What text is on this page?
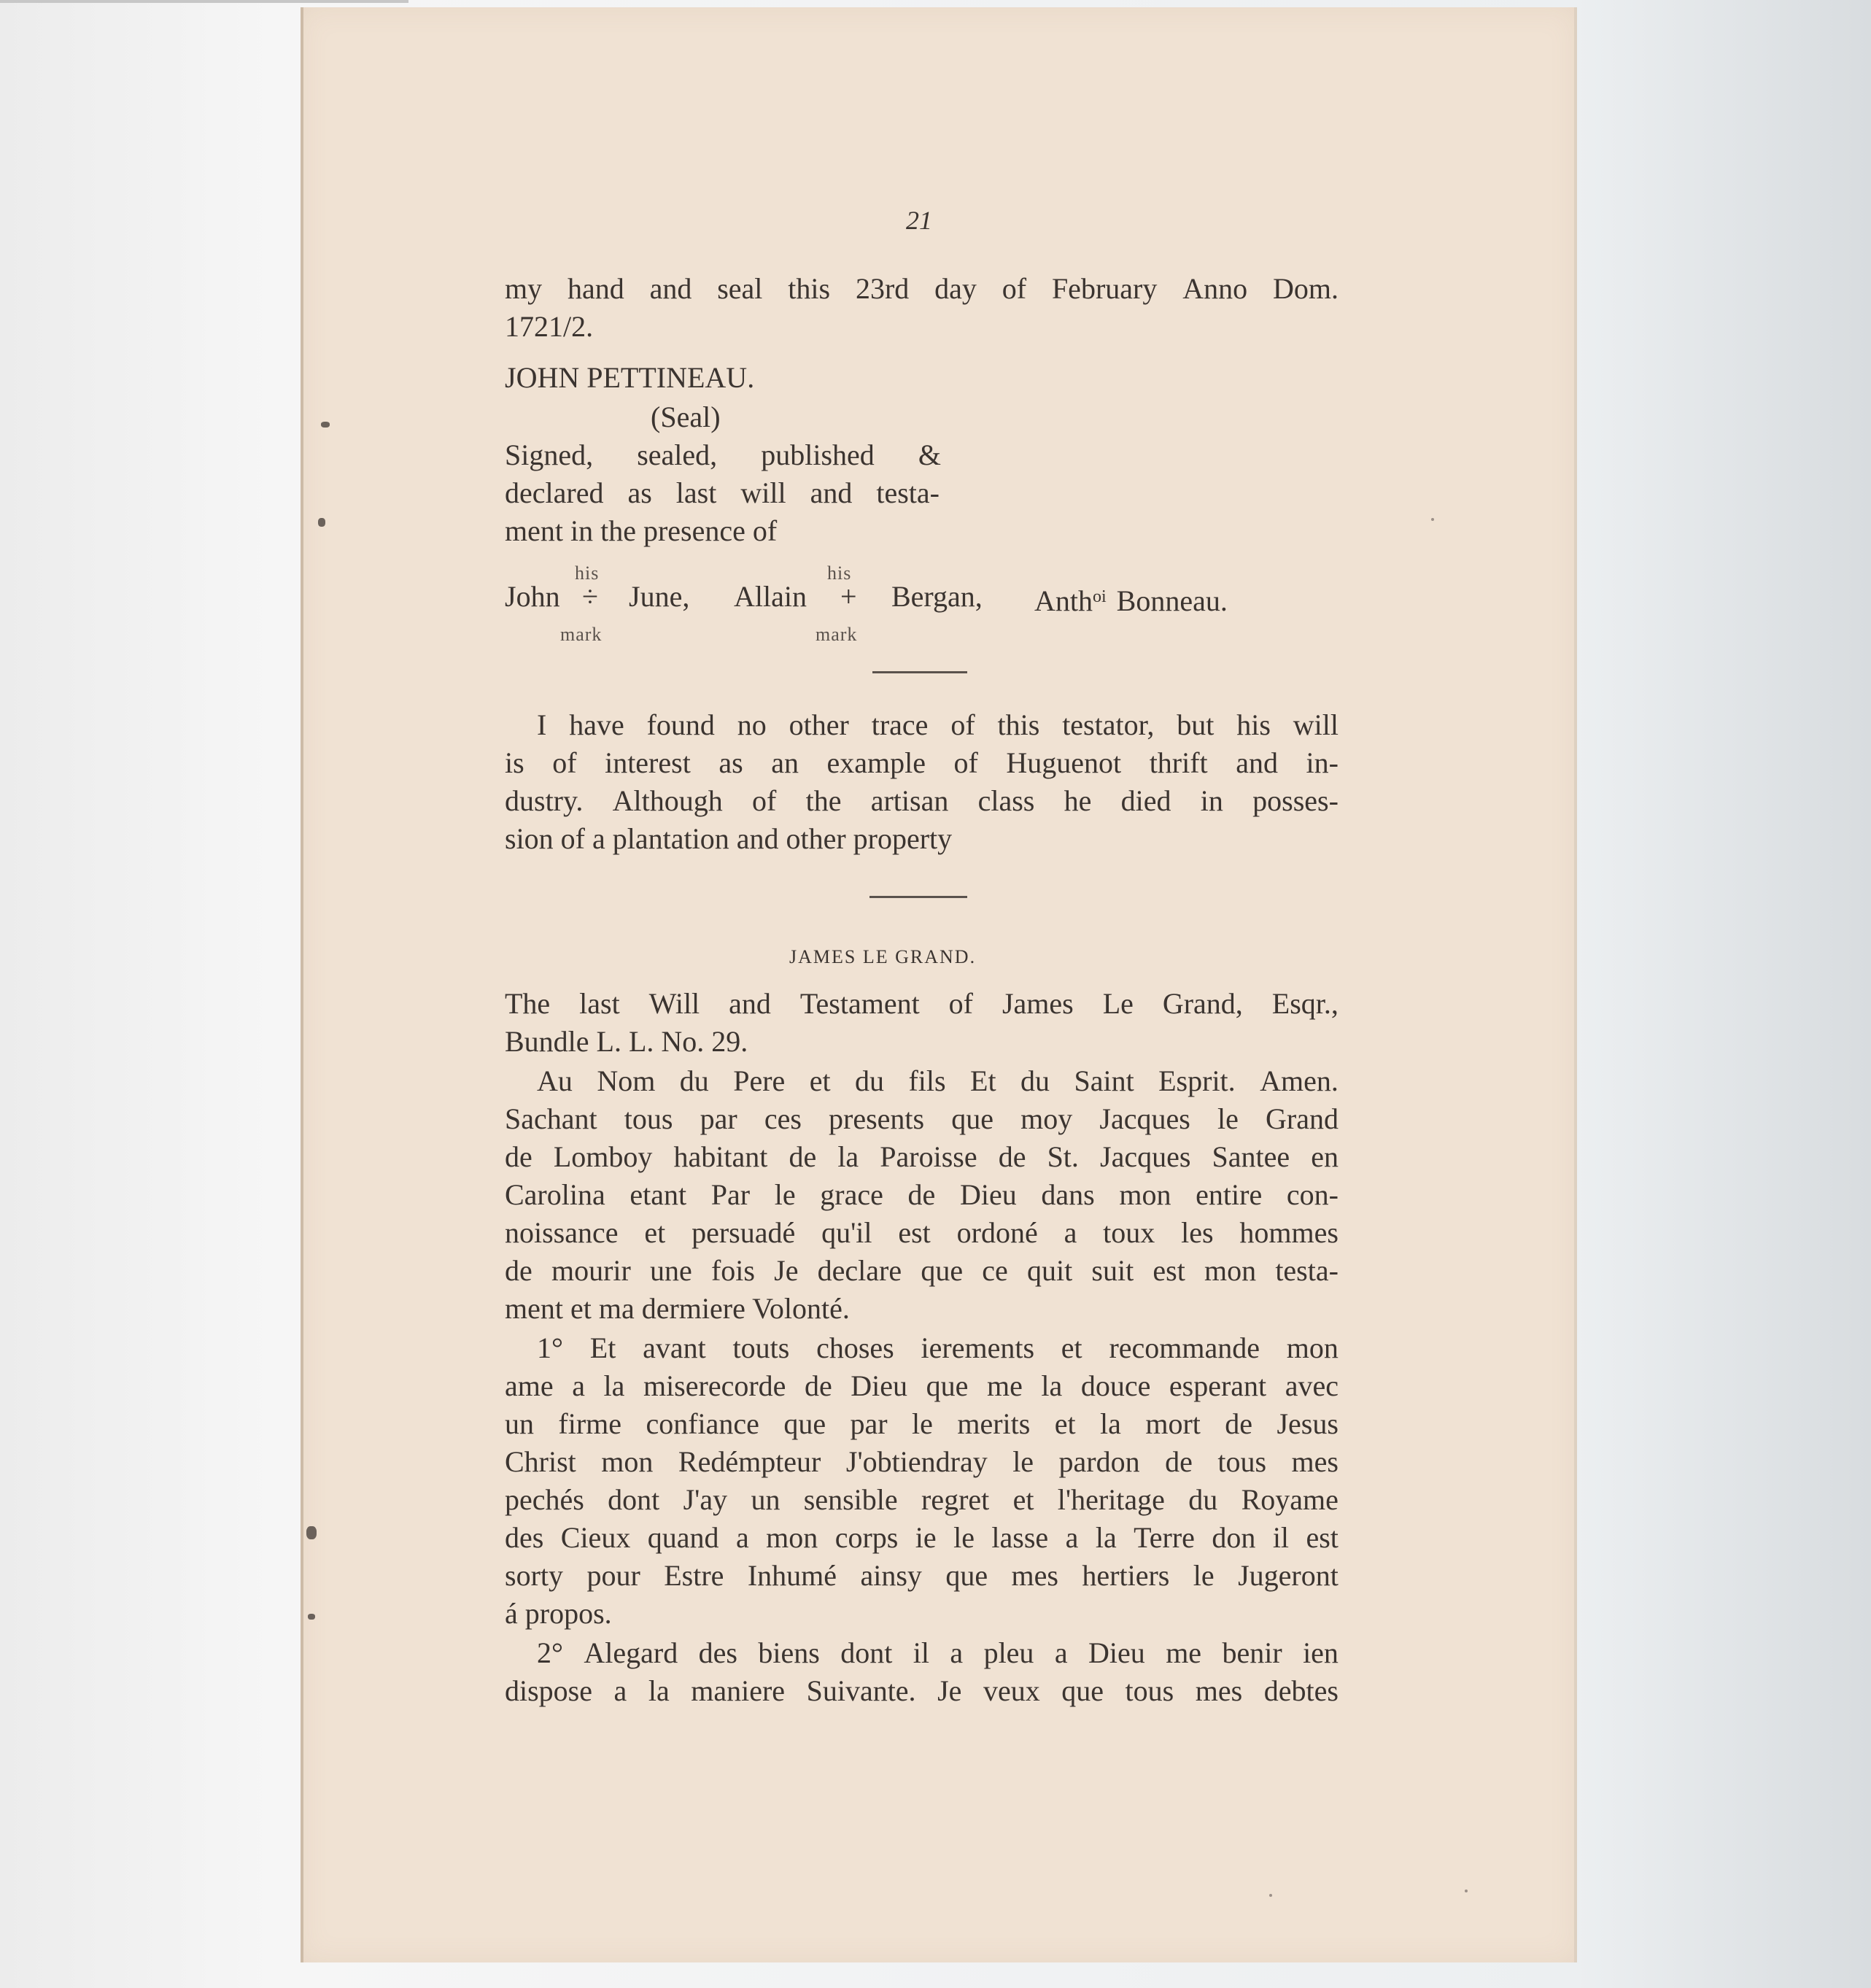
21
my hand and seal this 23rd day of February Anno Dom.
1721/2.
JOHN PETTINEAU.
(Seal)
Signed, sealed, published &
declared as last will and testa-
ment in the presence of
his	his
John ÷ June, Allain + Bergan, Anth$^{oi}$ Bonneau.
mark	mark
I have found no other trace of this testator, but his will
is of interest as an example of Huguenot thrift and in-
dustry. Although of the artisan class he died in posses-
sion of a plantation and other property
JAMES LE GRAND.
The last Will and Testament of James Le Grand, Esqr.,
Bundle L. L. No. 29.
Au Nom du Pere et du fils Et du Saint Esprit. Amen.
Sachant tous par ces presents que moy Jacques le Grand
de Lomboy habitant de la Paroisse de St. Jacques Santee en
Carolina etant Par le grace de Dieu dans mon entire con-
noissance et persuadé qu'il est ordoné a toux les hommes
de mourir une fois Je declare que ce quit suit est mon testa-
ment et ma dermiere Volonté.
1° Et avant touts choses ierements et recommande mon
ame a la miserecorde de Dieu que me la douce esperant avec
un firme confiance que par le merits et la mort de Jesus
Christ mon Redémpteur J'obtiendray le pardon de tous mes
pechés dont J'ay un sensible regret et l'heritage du Royame
des Cieux quand a mon corps ie le lasse a la Terre don il est
sorty pour Estre Inhumé ainsy que mes hertiers le Jugeront
á propos.
2° Alegard des biens dont il a pleu a Dieu me benir ien
dispose a la maniere Suivante. Je veux que tous mes debtes
